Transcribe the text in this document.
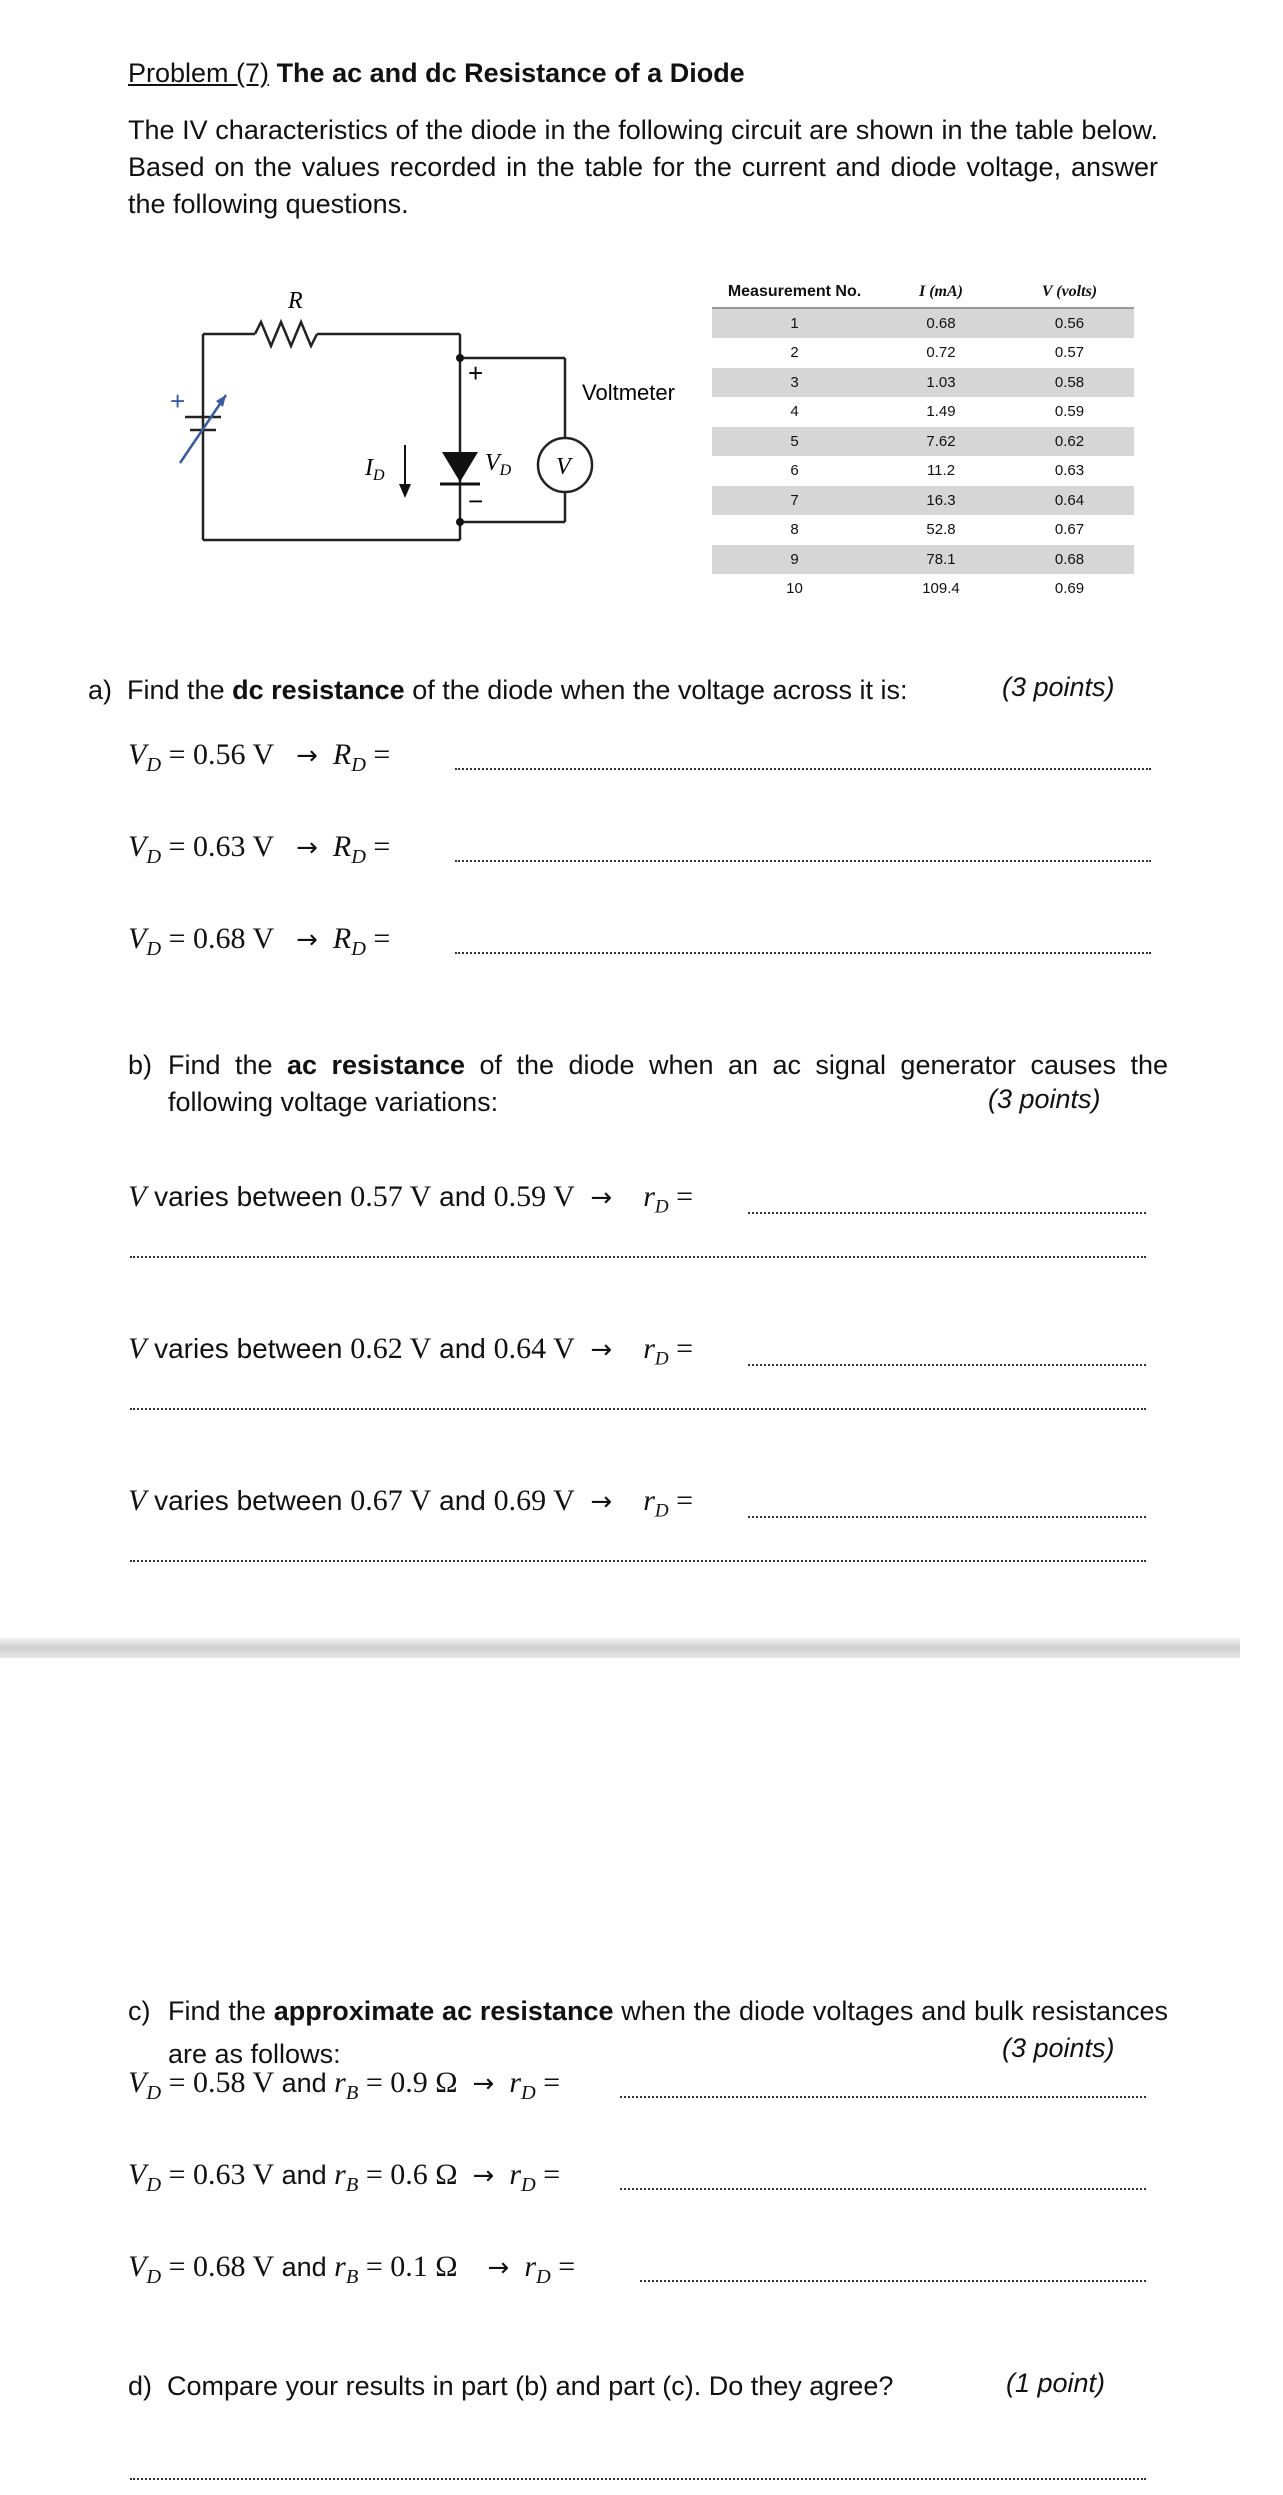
Problem (7) The ac and dc Resistance of a Diode
The IV characteristics of the diode in the following circuit are shown in the table below. Based on the values recorded in the table for the current and diode voltage, answer the following questions.
R
+
+
−
$I_D$	$V_D$ V
Voltmeter
Measurement No.	I (mA)	V (volts)
1	0.68	0.56
2	0.72	0.57
3	1.03	0.58
4	1.49	0.59
5	7.62	0.62
6	11.2	0.63
7	16.3	0.64
8	52.8	0.67
9	78.1	0.68
10	109.4	0.69
a) Find the dc resistance of the diode when the voltage across it is:	(3 points)
$V_D = 0.56$ $V \to R_D$ =
$V_D = 0.63$ $V \to R_D$ =
$V_D = 0.68$ $V \to R_D$ =
b) Find the ac resistance of the diode when an ac signal generator causes the following voltage variations:	(3 points)
V varies between 0.57 V and 0.59 $V \to r_D$ =
V varies between 0.62 V and 0.64 $V \to r_D$ =
V varies between 0.67 V and 0.69 $V \to r_D$ =
c) Find the approximate ac resistance when the diode voltages and bulk resistances are as follows:	(3 points)
$V_D = 0.58$ V and $r_B = 0.9$ $\Omega \to r_D$ =
$V_D = 0.63$ V and $r_B = 0.6$ $\Omega \to r_D$ =
$V_D = 0.68$ V and $r_B = 0.1$ $\Omega \to r_D$ =
d) Compare your results in part (b) and part (c). Do they agree?	(1 point)
